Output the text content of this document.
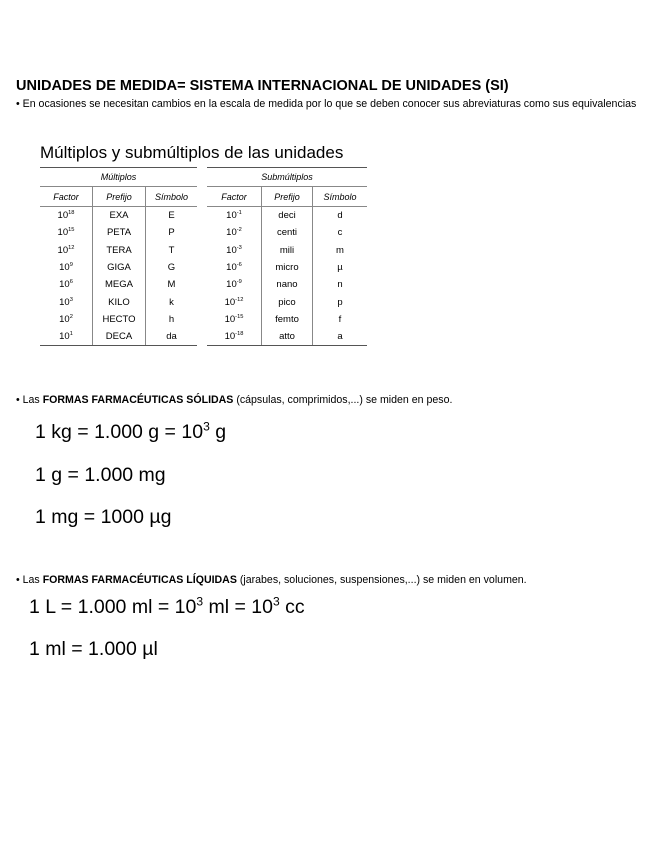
UNIDADES DE MEDIDA= SISTEMA INTERNACIONAL DE UNIDADES (SI)
• En ocasiones se necesitan cambios en la escala de medida por lo que se deben conocer sus abreviaturas como sus equivalencias
Múltiplos y submúltiplos de las unidades
Múltiplos		
Factor	Prefijo	Símbolo
$10^{18}$	EXA	E
$10^{15}$	PETA	P
$10^{12}$	TERA	T
$10^9$	GIGA	G
$10^6$	MEGA	M
$10^3$	KILO	k
$10^2$	HECTO	h
$10^1$	DECA	da
Submúltiplos		
Factor	Prefijo	Símbolo
$10^{-1}$	deci	d
$10^{-2}$	centi	c
$10^{-3}$	mili	m
$10^{-6}$	micro	µ
$10^{-9}$	nano	n
$10^{-12}$	pico	p
$10^{-15}$	femto	f
$10^{-18}$	atto	a
• Las FORMAS FARMACÉUTICAS SÓLIDAS (cápsulas, comprimidos,...) se miden en peso.
1 kg = 1.000 $g = 10^3$ g
1 g = 1.000 mg
1 mg = 1000 µg
• Las FORMAS FARMACÉUTICAS LÍQUIDAS (jarabes, soluciones, suspensiones,...) se miden en volumen.
1 L = 1.000 ml = $10^3$ ml = $10^3$ cc
1 ml = 1.000 µl
